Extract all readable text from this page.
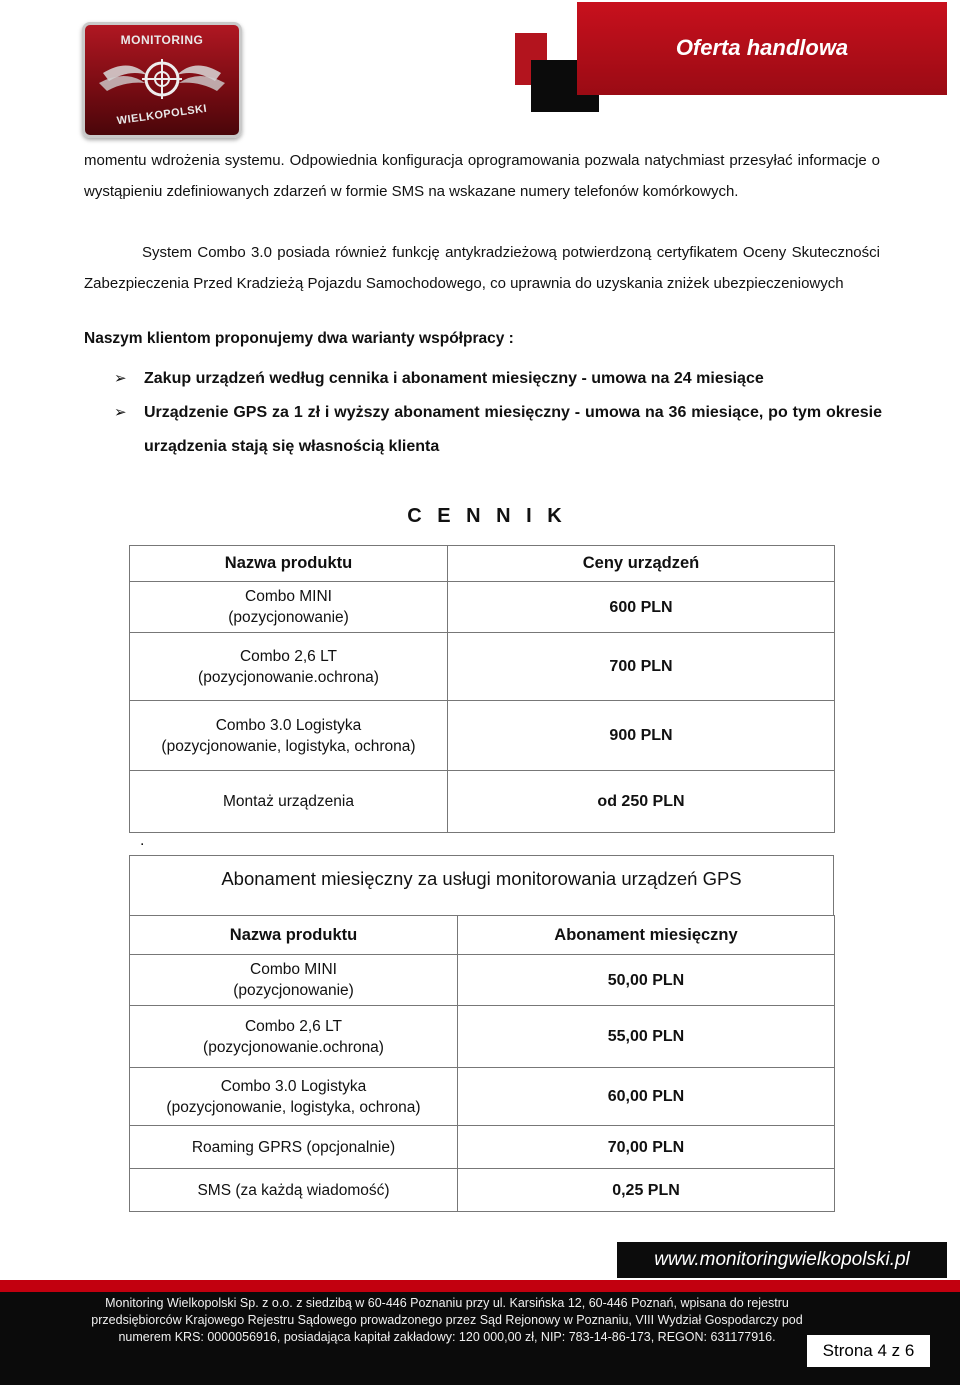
MONITORING
WIELKOPOLSKI
Oferta handlowa
momentu wdrożenia systemu. Odpowiednia konfiguracja oprogramowania pozwala natychmiast przesyłać informacje o wystąpieniu zdefiniowanych zdarzeń w formie SMS na wskazane numery telefonów komórkowych.
System Combo 3.0 posiada również funkcję antykradzieżową potwierdzoną certyfikatem Oceny Skuteczności Zabezpieczenia Przed Kradzieżą Pojazdu Samochodowego, co uprawnia do uzyskania zniżek ubezpieczeniowych
Naszym klientom proponujemy dwa warianty współpracy :
➢ Zakup urządzeń według cennika i abonament miesięczny - umowa na 24 miesiące
➢ Urządzenie GPS za 1 zł i wyższy abonament miesięczny - umowa na 36 miesiące, po tym okresie urządzenia stają się własnością klienta
C E N N I K
Nazwa produktu	Ceny urządzeń

Combo MINI
(pozycjonowanie)	600 PLN

Combo 2,6 LT
(pozycjonowanie.ochrona)	700 PLN

Combo 3.0 Logistyka
(pozycjonowanie, logistyka, ochrona)	900 PLN

Montaż urządzenia	od 250 PLN
.
Abonament miesięczny za usługi monitorowania urządzeń GPS
Nazwa produktu	Abonament miesięczny

Combo MINI
(pozycjonowanie)	50,00 PLN

Combo 2,6 LT
(pozycjonowanie.ochrona)	55,00 PLN

Combo 3.0 Logistyka
(pozycjonowanie, logistyka, ochrona)	60,00 PLN

Roaming GPRS (opcjonalnie)	70,00 PLN

SMS (za każdą wiadomość)	0,25 PLN
www.monitoringwielkopolski.pl
Monitoring Wielkopolski Sp. z o.o. z siedzibą w 60-446 Poznaniu przy ul. Karsińska 12, 60-446 Poznań, wpisana do rejestru
przedsiębiorców Krajowego Rejestru Sądowego prowadzonego przez Sąd Rejonowy w Poznaniu, VIII Wydział Gospodarczy pod
numerem KRS: 0000056916, posiadająca kapitał zakładowy: 120 000,00 zł, NIP: 783-14-86-173, REGON: 631177916.
Strona 4 z 6
